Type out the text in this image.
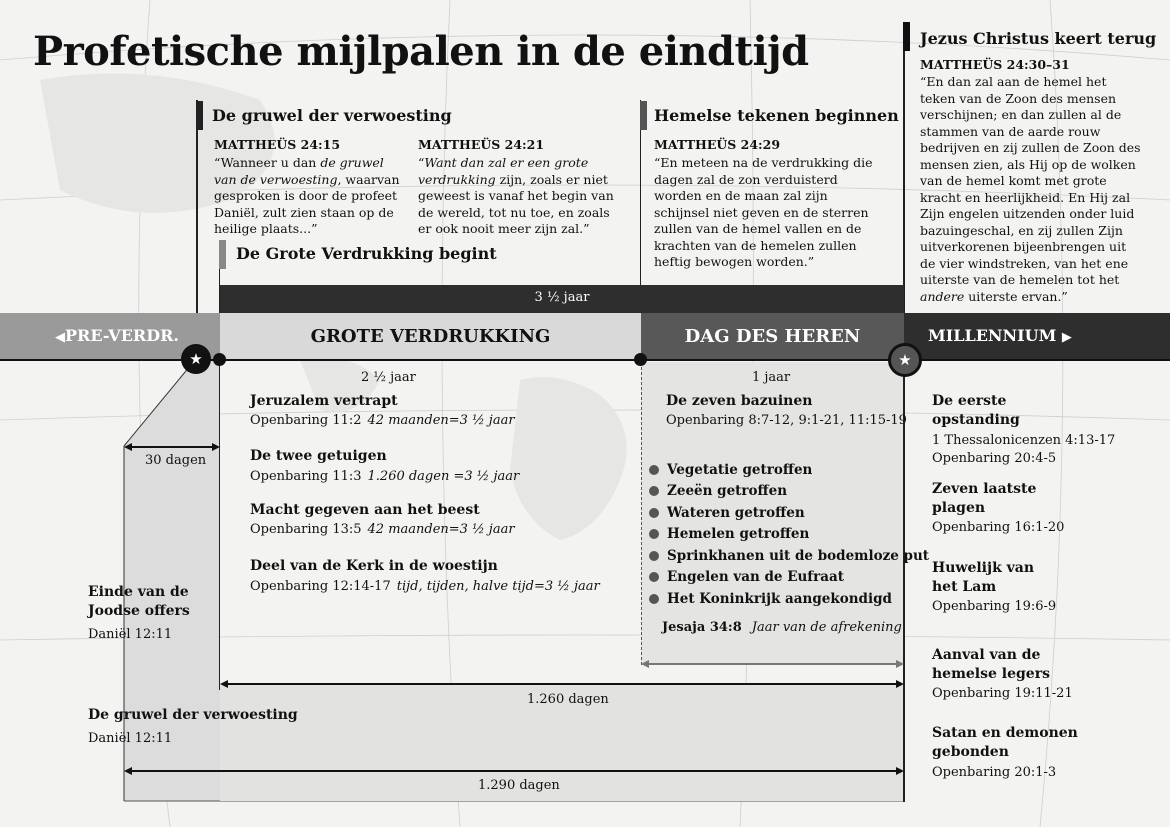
Profetische mijlpalen in de eindtijd
De gruwel der verwoesting
MATTHEÜS 24:15
“Wanneer u dan de gruwel van de verwoesting, waarvan gesproken is door de profeet Daniël, zult zien staan op de heilige plaats...”
MATTHEÜS 24:21
“Want dan zal er een grote verdrukking zijn, zoals er niet geweest is vanaf het begin van de wereld, tot nu toe, en zoals er ook nooit meer zijn zal.”
De Grote Verdrukking begint
Hemelse tekenen beginnen
MATTHEÜS 24:29
“En meteen na de verdrukking die dagen zal de zon verduisterd worden en de maan zal zijn schijnsel niet geven en de sterren zullen van de hemel vallen en de krachten van de hemelen zullen heftig bewogen worden.”
Jezus Christus keert terug
MATTHEÜS 24:30–31
“En dan zal aan de hemel het teken van de Zoon des mensen verschijnen; en dan zullen al de stammen van de aarde rouw bedrijven en zij zullen de Zoon des mensen zien, als Hij op de wolken van de hemel komt met grote kracht en heerlijkheid. En Hij zal Zijn engelen uitzenden onder luid bazuingeschal, en zij zullen Zijn uitverkorenen bijeenbrengen uit de vier windstreken, van het ene uiterste van de hemelen tot het andere uiterste ervan.”
3 ½ jaar
◀PRE-VERDR.	GROTE VERDRUKKING	DAG DES HEREN	MILLENNIUM ▶
★	★
2 ½ jaar	1 jaar
30 dagen
Einde van de Joodse offers
Daniël 12:11
De gruwel der verwoesting
Daniël 12:11
Jeruzalem vertrapt
Openbaring 11:2 42 maanden=3 ½ jaar
De twee getuigen
Openbaring 11:3 1.260 dagen =3 ½ jaar
Macht gegeven aan het beest
Openbaring 13:5 42 maanden=3 ½ jaar
Deel van de Kerk in de woestijn
Openbaring 12:14-17 tijd, tijden, halve tijd=3 ½ jaar
De zeven bazuinen
Openbaring 8:7-12, 9:1-21, 11:15-19
Vegetatie getroffen
Zeeën getroffen
Wateren getroffen
Hemelen getroffen
Sprinkhanen uit de bodemloze put
Engelen van de Eufraat
Het Koninkrijk aangekondigd
Jesaja 34:8 Jaar van de afrekening
1.260 dagen
1.290 dagen
De eerste opstanding
1 Thessalonicenzen 4:13-17
Openbaring 20:4-5
Zeven laatste plagen
Openbaring 16:1-20
Huwelijk van het Lam
Openbaring 19:6-9
Aanval van de hemelse legers
Openbaring 19:11-21
Satan en demonen gebonden
Openbaring 20:1-3
